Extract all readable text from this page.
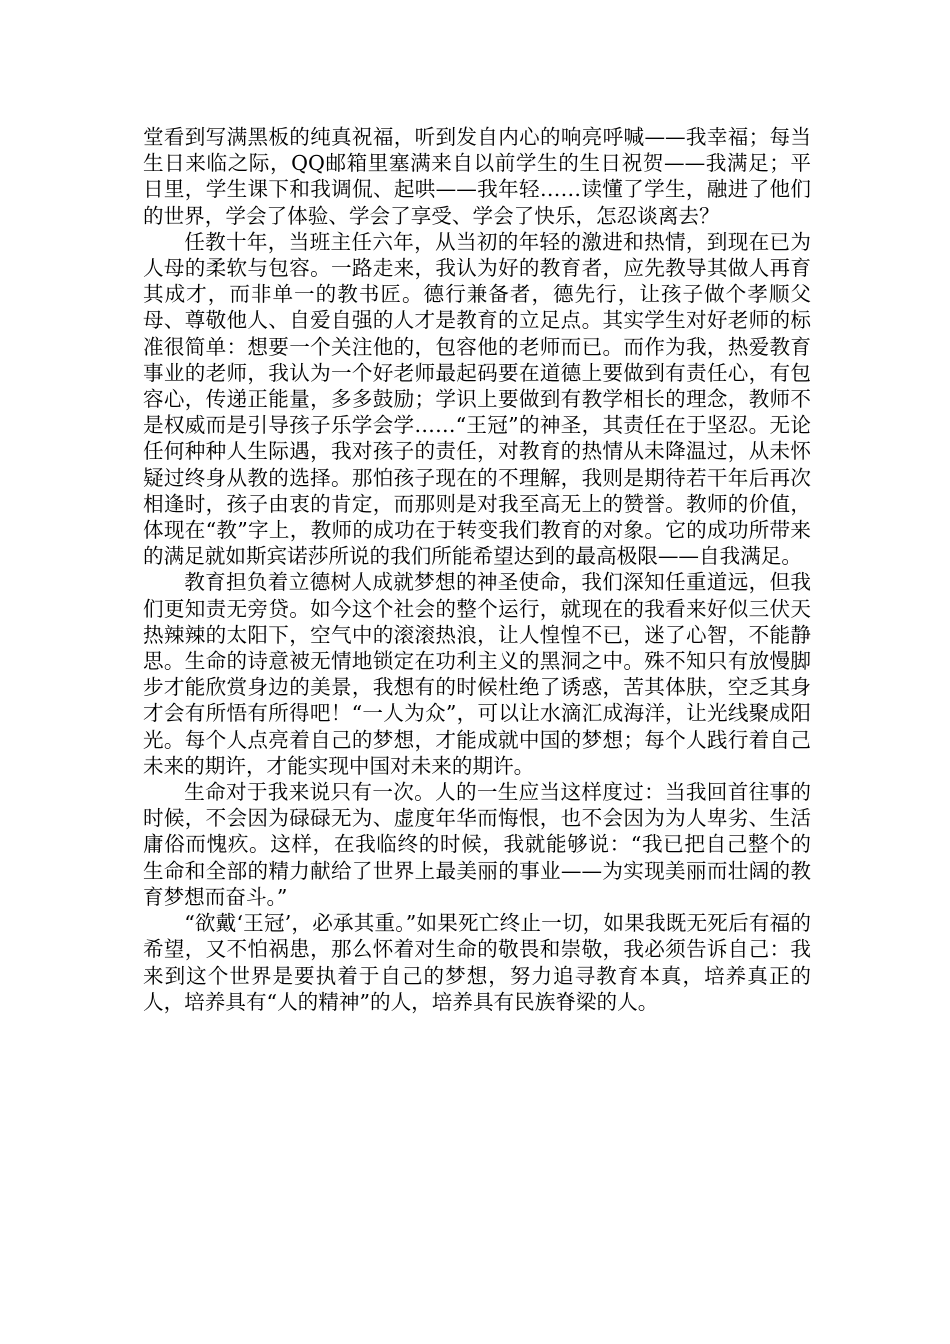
堂看到写满黑板的纯真祝福，听到发自内心的响亮呼喊——我幸福；每当生日来临之际，QQ邮箱里塞满来自以前学生的生日祝贺——我满足；平日里，学生课下和我调侃、起哄——我年轻……读懂了学生，融进了他们的世界，学会了体验、学会了享受、学会了快乐，怎忍谈离去？

任教十年，当班主任六年，从当初的年轻的激进和热情，到现在已为人母的柔软与包容。一路走来，我认为好的教育者，应先教导其做人再育其成才，而非单一的教书匠。德行兼备者，德先行，让孩子做个孝顺父母、尊敬他人、自爱自强的人才是教育的立足点。其实学生对好老师的标准很简单：想要一个关注他的，包容他的老师而已。而作为我，热爱教育事业的老师，我认为一个好老师最起码要在道德上要做到有责任心，有包容心，传递正能量，多多鼓励；学识上要做到有教学相长的理念，教师不是权威而是引导孩子乐学会学……“王冠”的神圣，其责任在于坚忍。无论任何种种人生际遇，我对孩子的责任，对教育的热情从未降温过，从未怀疑过终身从教的选择。那怕孩子现在的不理解，我则是期待若干年后再次相逢时，孩子由衷的肯定，而那则是对我至高无上的赞誉。教师的价值，体现在“教”字上，教师的成功在于转变我们教育的对象。它的成功所带来的满足就如斯宾诺莎所说的我们所能希望达到的最高极限——自我满足。

教育担负着立德树人成就梦想的神圣使命，我们深知任重道远，但我们更知责无旁贷。如今这个社会的整个运行，就现在的我看来好似三伏天热辣辣的太阳下，空气中的滚滚热浪，让人惶惶不已，迷了心智，不能静思。生命的诗意被无情地锁定在功利主义的黑洞之中。殊不知只有放慢脚步才能欣赏身边的美景，我想有的时候杜绝了诱惑，苦其体肤，空乏其身才会有所悟有所得吧！“一人为众”，可以让水滴汇成海洋，让光线聚成阳光。每个人点亮着自己的梦想，才能成就中国的梦想；每个人践行着自己未来的期许，才能实现中国对未来的期许。

生命对于我来说只有一次。人的一生应当这样度过：当我回首往事的时候，不会因为碌碌无为、虚度年华而悔恨，也不会因为为人卑劣、生活庸俗而愧疚。这样，在我临终的时候，我就能够说：“我已把自己整个的生命和全部的精力献给了世界上最美丽的事业——为实现美丽而壮阔的教育梦想而奋斗。”

“欲戴‘王冠’，必承其重。”如果死亡终止一切，如果我既无死后有福的希望，又不怕祸患，那么怀着对生命的敬畏和崇敬，我必须告诉自己：我来到这个世界是要执着于自己的梦想，努力追寻教育本真，培养真正的人，培养具有“人的精神”的人，培养具有民族脊梁的人。
